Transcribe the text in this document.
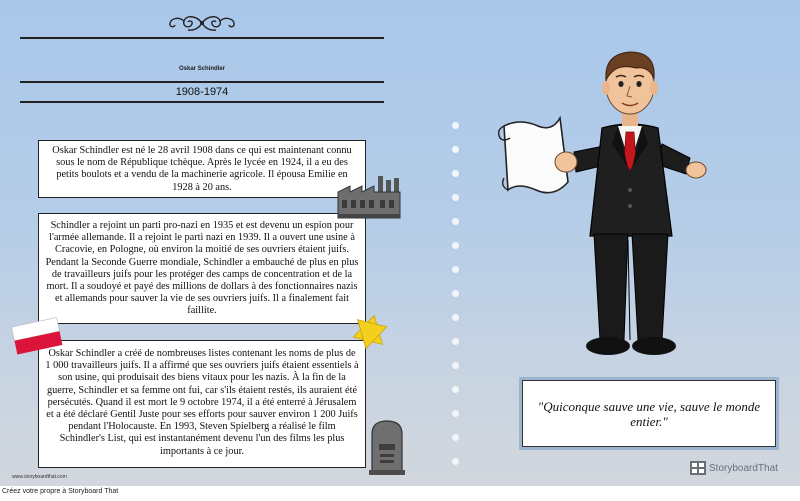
Oskar Schindler
1908-1974
Oskar Schindler est né le 28 avril 1908 dans ce qui est maintenant connu sous le nom de République tchèque. Après le lycée en 1924, il a eu des petits boulots et a vendu de la machinerie agricole. Il épousa Emilie en 1928 à 20 ans.
Schindler a rejoint un parti pro-nazi en 1935 et est devenu un espion pour l'armée allemande. Il a rejoint le parti nazi en 1939. Il a ouvert une usine à Cracovie, en Pologne, où environ la moitié de ses ouvriers étaient juifs. Pendant la Seconde Guerre mondiale, Schindler a embauché de plus en plus de travailleurs juifs pour les protéger des camps de concentration et de la mort. Il a soudoyé et payé des millions de dollars à des fonctionnaires nazis et allemands pour sauver la vie de ses ouvriers juifs. Il a finalement fait faillite.
Oskar Schindler a créé de nombreuses listes contenant les noms de plus de 1 000 travailleurs juifs. Il a affirmé que ses ouvriers juifs étaient essentiels à son usine, qui produisait des biens vitaux pour les nazis. À la fin de la guerre, Schindler et sa femme ont fui, car s'ils étaient restés, ils auraient été persécutés. Quand il est mort le 9 octobre 1974, il a été enterré à Jérusalem et a été déclaré Gentil Juste pour ses efforts pour sauver environ 1 200 Juifs pendant l'Holocauste. En 1993, Steven Spielberg a réalisé le film Schindler's List, qui est instantanément devenu l'un des films les plus importants à ce jour.
"Quiconque sauve une vie, sauve le monde entier."
www.storyboardthat.com
StoryboardThat
Créez votre propre à Storyboard That
